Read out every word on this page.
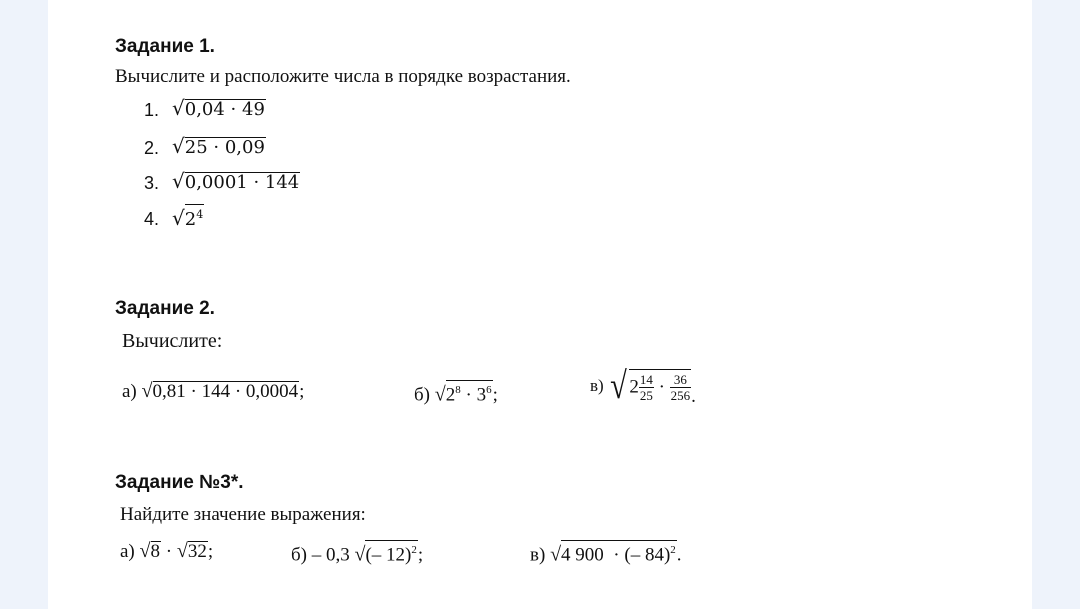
Задание 1.
Вычислите и расположите числа в порядке возрастания.
1. √0,04 · 49
2. √25 · 0,09
3. √0,0001 · 144
4. $√2^4$
Задание 2.
Вычислите:
а) √0,81 · 144 · 0,0004;	б) $√2^8 \cdot 3^6$;	в) √ $2 \frac{14}{25} \cdot \frac{36}{256}$ .
Задание №3*.
Найдите значение выражения:
а) √8 · √32;	б) – 0,3 √(– 12)$^2$;	в) √4 900  · (– 84)$^2$.
